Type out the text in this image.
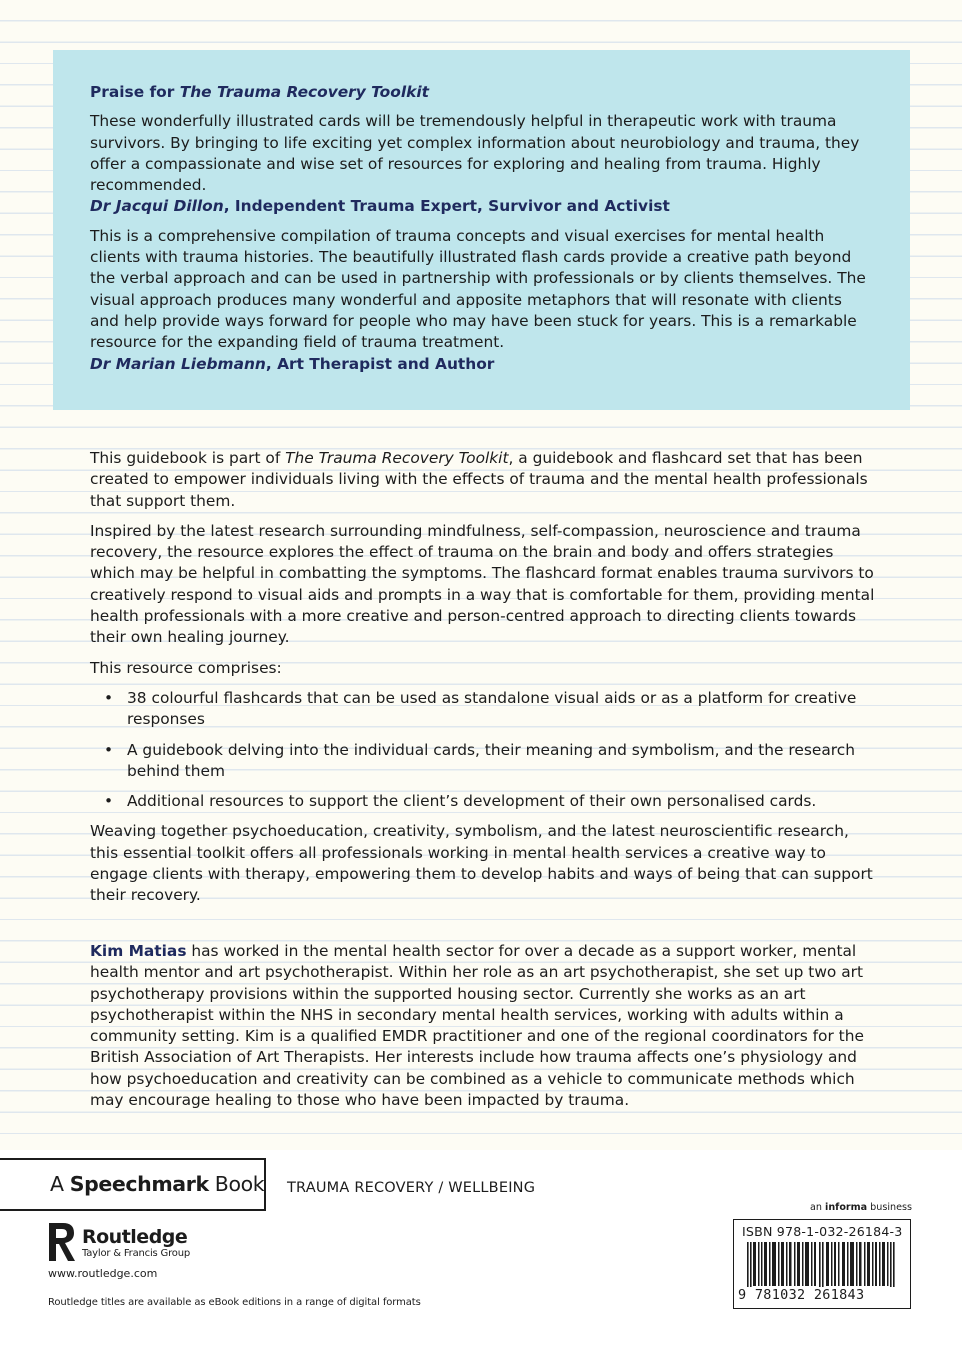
Praise for The Trauma Recovery Toolkit

These wonderfully illustrated cards will be tremendously helpful in therapeutic work with trauma survivors. By bringing to life exciting yet complex information about neurobiology and trauma, they offer a compassionate and wise set of resources for exploring and healing from trauma. Highly recommended.

Dr Jacqui Dillon, Independent Trauma Expert, Survivor and Activist

This is a comprehensive compilation of trauma concepts and visual exercises for mental health clients with trauma histories. The beautifully illustrated flash cards provide a creative path beyond the verbal approach and can be used in partnership with professionals or by clients themselves. The visual approach produces many wonderful and apposite metaphors that will resonate with clients and help provide ways forward for people who may have been stuck for years. This is a remarkable resource for the expanding field of trauma treatment.

Dr Marian Liebmann, Art Therapist and Author

This guidebook is part of The Trauma Recovery Toolkit, a guidebook and flashcard set that has been created to empower individuals living with the effects of trauma and the mental health professionals that support them.

Inspired by the latest research surrounding mindfulness, self-compassion, neuroscience and trauma recovery, the resource explores the effect of trauma on the brain and body and offers strategies which may be helpful in combatting the symptoms. The flashcard format enables trauma survivors to creatively respond to visual aids and prompts in a way that is comfortable for them, providing mental health professionals with a more creative and person-centred approach to directing clients towards their own healing journey.

This resource comprises:

• 38 colourful flashcards that can be used as standalone visual aids or as a platform for creative responses
• A guidebook delving into the individual cards, their meaning and symbolism, and the research behind them
• Additional resources to support the client’s development of their own personalised cards.

Weaving together psychoeducation, creativity, symbolism, and the latest neuroscientific research, this essential toolkit offers all professionals working in mental health services a creative way to engage clients with therapy, empowering them to develop habits and ways of being that can support their recovery.

Kim Matias has worked in the mental health sector for over a decade as a support worker, mental health mentor and art psychotherapist. Within her role as an art psychotherapist, she set up two art psychotherapy provisions within the supported housing sector. Currently she works as an art psychotherapist within the NHS in secondary mental health services, working with adults within a community setting. Kim is a qualified EMDR practitioner and one of the regional coordinators for the British Association of Art Therapists. Her interests include how trauma affects one’s physiology and how psychoeducation and creativity can be combined as a vehicle to communicate methods which may encourage healing to those who have been impacted by trauma.

A Speechmark Book TRAUMA RECOVERY / WELLBEING
Routledge
Taylor & Francis Group
www.routledge.com
Routledge titles are available as eBook editions in a range of digital formats
an informa business
ISBN 978-1-032-26184-3
9 781032 261843
